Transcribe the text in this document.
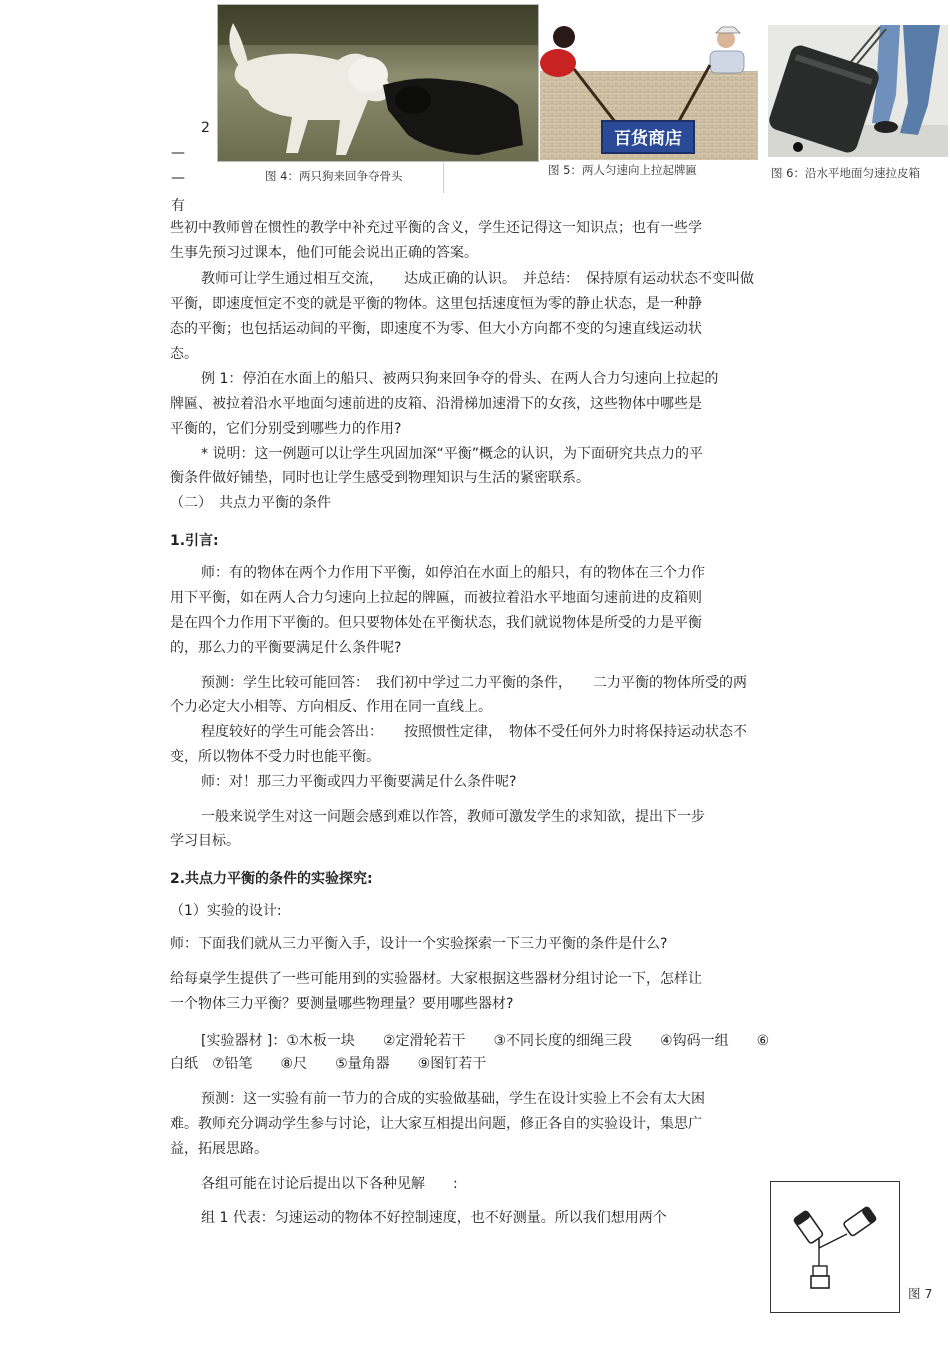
2
—
—
有
图 4：两只狗来回争夺骨头
百货商店
图 5：两人匀速向上拉起牌匾	图 6：沿水平地面匀速拉皮箱
些初中教师曾在惯性的教学中补充过平衡的含义，学生还记得这一知识点；也有一些学
生事先预习过课本，他们可能会说出正确的答案。
教师可让学生通过相互交流，　　达成正确的认识。　并总结：　保持原有运动状态不变叫做
平衡，即速度恒定不变的就是平衡的物体。这里包括速度恒为零的静止状态，是一种静
态的平衡；也包括运动间的平衡，即速度不为零、但大小方向都不变的匀速直线运动状
态。
例 1：停泊在水面上的船只、被两只狗来回争夺的骨头、在两人合力匀速向上拉起的
牌匾、被拉着沿水平地面匀速前进的皮箱、沿滑梯加速滑下的女孩，这些物体中哪些是
平衡的，它们分别受到哪些力的作用?
* 说明：这一例题可以让学生巩固加深“平衡”概念的认识，为下面研究共点力的平
衡条件做好铺垫，同时也让学生感受到物理知识与生活的紧密联系。
（二）　共点力平衡的条件
1.引言:
师：有的物体在两个力作用下平衡，如停泊在水面上的船只，有的物体在三个力作
用下平衡，如在两人合力匀速向上拉起的牌匾，而被拉着沿水平地面匀速前进的皮箱则
是在四个力作用下平衡的。但只要物体处在平衡状态，我们就说物体是所受的力是平衡
的，那么力的平衡要满足什么条件呢?
预测：学生比较可能回答：　我们初中学过二力平衡的条件，　　二力平衡的物体所受的两
个力必定大小相等、方向相反、作用在同一直线上。
程度较好的学生可能会答出：　　按照惯性定律，　物体不受任何外力时将保持运动状态不
变，所以物体不受力时也能平衡。
师：对！那三力平衡或四力平衡要满足什么条件呢?
一般来说学生对这一问题会感到难以作答，教师可激发学生的求知欲，提出下一步
学习目标。
2.共点力平衡的条件的实验探究:
（1）实验的设计:
师：下面我们就从三力平衡入手，设计一个实验探索一下三力平衡的条件是什么?
给每桌学生提供了一些可能用到的实验器材。大家根据这些器材分组讨论一下，怎样让
一个物体三力平衡？要测量哪些物理量？要用哪些器材?
[实验器材 ]：①木板一块　　②定滑轮若干　　③不同长度的细绳三段　　④钩码一组　　⑥
白纸　⑦铅笔　　⑧尺　　⑤量角器　　⑨图钉若干
预测：这一实验有前一节力的合成的实验做基础，学生在设计实验上不会有太大困
难。教师充分调动学生参与讨论，让大家互相提出问题，修正各自的实验设计，集思广
益，拓展思路。
各组可能在讨论后提出以下各种见解　　:
组 1 代表：匀速运动的物体不好控制速度，也不好测量。所以我们想用两个
图 7
